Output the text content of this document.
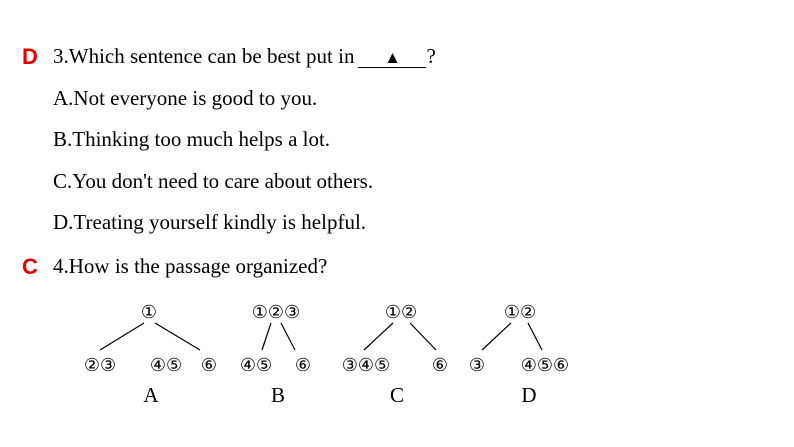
D 3.Which sentence can be best put in ▲ ?
A.Not everyone is good to you.
B.Thinking too much helps a lot.
C.You don't need to care about others.
D.Treating yourself kindly is helpful.
C 4.How is the passage organized?
①
②③ ④⑤ ⑥
A
①②③
④⑤ ⑥
B
①②
③④⑤ ⑥
C
①②
③ ④⑤⑥
D
